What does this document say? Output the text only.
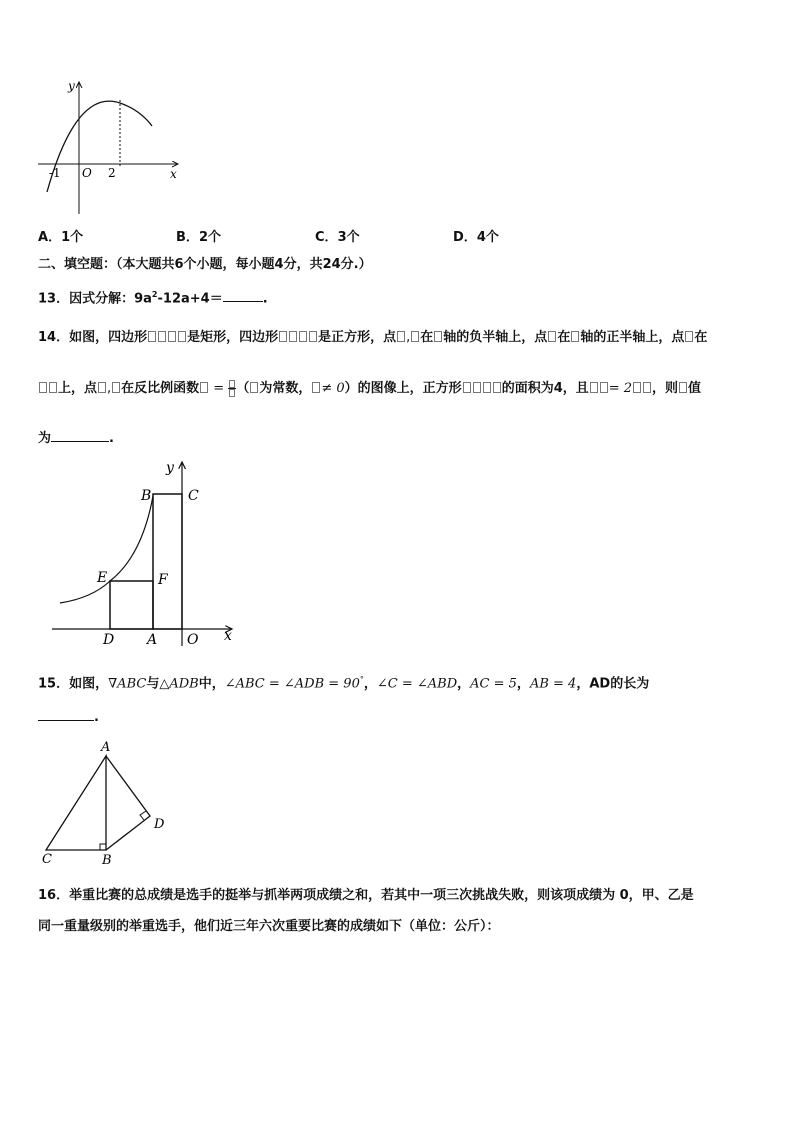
y
x
O
-1	2
A．1个	B．2个	C．3个	D．4个
二、填空题：（本大题共6个小题，每小题4分，共24分.）
13．因式分解：$9a^2-12a+4=$	.
14．如图，四边形	是矩形，四边形	是正方形，点 , 在 轴的负半轴上，点 在 轴的正半轴上，点 在
上，点 , 在反比例函数 =

（ 为常数， ≠ 0）的图像上，正方形	的面积为4，且 = 2 ，则 值
为	.
B	C
E	F
D A O x
y
15．如图，∇ABC与△ADB中，∠ABC = ∠ADB = 90°，∠C = ∠ABD，AC = 5，AB = 4，AD的长为
.
A
C	B
D
16．举重比赛的总成绩是选手的挺举与抓举两项成绩之和，若其中一项三次挑战失败，则该项成绩为 0，甲、乙是
同一重量级别的举重选手，他们近三年六次重要比赛的成绩如下（单位：公斤）：
